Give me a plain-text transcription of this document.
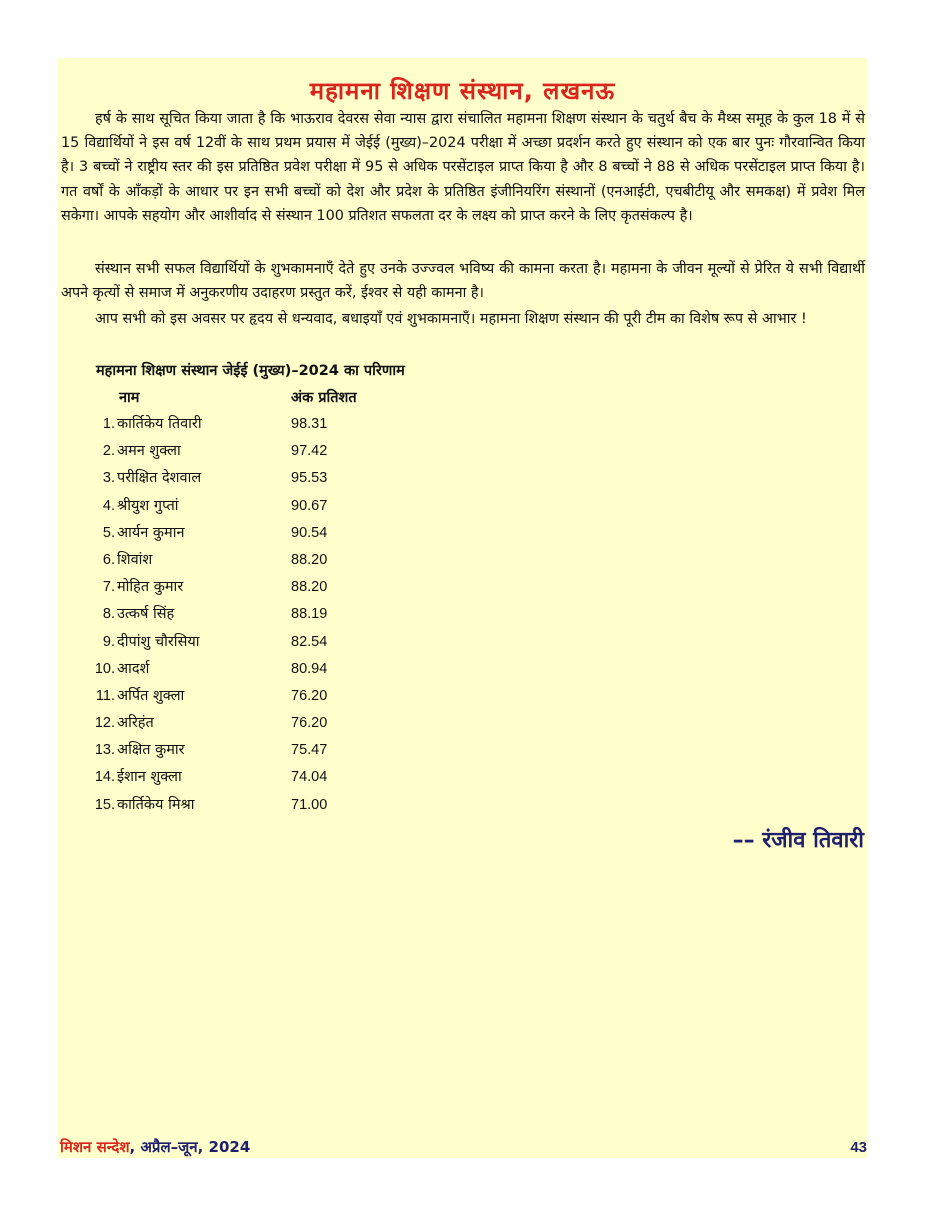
महामना शिक्षण संस्थान, लखनऊ

हर्ष के साथ सूचित किया जाता है कि भाऊराव देवरस सेवा न्यास द्वारा संचालित महामना शिक्षण संस्थान के चतुर्थ बैच के मैथ्स समूह के कुल 18 में से 15 विद्यार्थियों ने इस वर्ष 12वीं के साथ प्रथम प्रयास में जेईई (मुख्य)–2024 परीक्षा में अच्छा प्रदर्शन करते हुए संस्थान को एक बार पुनः गौरवान्वित किया है। 3 बच्चों ने राष्ट्रीय स्तर की इस प्रतिष्ठित प्रवेश परीक्षा में 95 से अधिक परसेंटाइल प्राप्त किया है और 8 बच्चों ने 88 से अधिक परसेंटाइल प्राप्त किया है। गत वर्षों के आँकड़ों के आधार पर इन सभी बच्चों को देश और प्रदेश के प्रतिष्ठित इंजीनियरिंग संस्थानों (एनआईटी, एचबीटीयू और समकक्ष) में प्रवेश मिल सकेगा। आपके सहयोग और आशीर्वाद से संस्थान 100 प्रतिशत सफलता दर के लक्ष्य को प्राप्त करने के लिए कृतसंकल्प है।

संस्थान सभी सफल विद्यार्थियों के शुभकामनाएँ देते हुए उनके उज्ज्वल भविष्य की कामना करता है। महामना के जीवन मूल्यों से प्रेरित ये सभी विद्यार्थी अपने कृत्यों से समाज में अनुकरणीय उदाहरण प्रस्तुत करें, ईश्वर से यही कामना है।

आप सभी को इस अवसर पर हृदय से धन्यवाद, बधाइयाँ एवं शुभकामनाएँ। महामना शिक्षण संस्थान की पूरी टीम का विशेष रूप से आभार !

महामना शिक्षण संस्थान जेईई (मुख्य)–2024 का परिणाम
नाम	अंक प्रतिशत
1. कार्तिकेय तिवारी	98.31
2. अमन शुक्ला	97.42
3. परीक्षित देशवाल	95.53
4. श्रीयुश गुप्तां	90.67
5. आर्यन कुमान	90.54
6. शिवांश	88.20
7. मोहित कुमार	88.20
8. उत्कर्ष सिंह	88.19
9. दीपांशु चौरसिया	82.54
10. आदर्श	80.94
11. अर्पित शुक्ला	76.20
12. अरिहंत	76.20
13. अक्षित कुमार	75.47
14. ईशान शुक्ला	74.04
15. कार्तिकेय मिश्रा	71.00
–– रंजीव तिवारी
मिशन सन्देश, अप्रैल–जून, 2024	43
